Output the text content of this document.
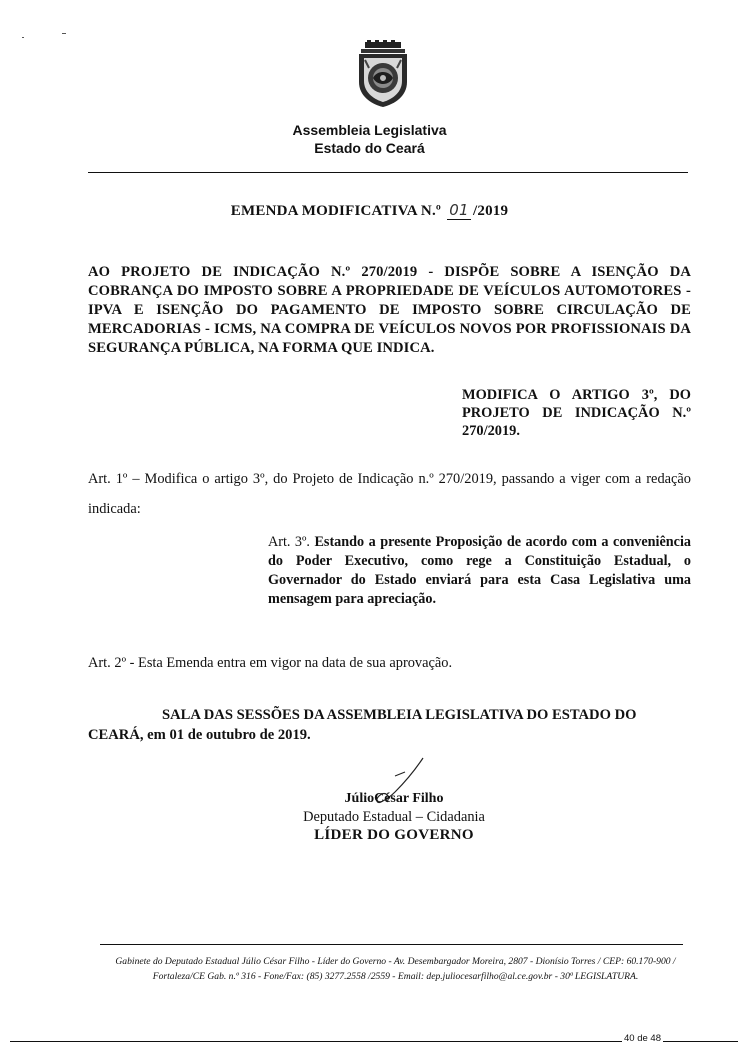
Assembleia Legislativa
Estado do Ceará
EMENDA MODIFICATIVA N.º 01 /2019
AO PROJETO DE INDICAÇÃO N.º 270/2019 - DISPÕE SOBRE A ISENÇÃO DA COBRANÇA DO IMPOSTO SOBRE A PROPRIEDADE DE VEÍCULOS AUTOMOTORES - IPVA E ISENÇÃO DO PAGAMENTO DE IMPOSTO SOBRE CIRCULAÇÃO DE MERCADORIAS - ICMS, NA COMPRA DE VEÍCULOS NOVOS POR PROFISSIONAIS DA SEGURANÇA PÚBLICA, NA FORMA QUE INDICA.
MODIFICA O ARTIGO 3º, DO PROJETO DE INDICAÇÃO N.º 270/2019.
Art. 1º – Modifica o artigo 3º, do Projeto de Indicação n.º 270/2019, passando a viger com a redação indicada:
Art. 3º. Estando a presente Proposição de acordo com a conveniência do Poder Executivo, como rege a Constituição Estadual, o Governador do Estado enviará para esta Casa Legislativa uma mensagem para apreciação.
Art. 2º - Esta Emenda entra em vigor na data de sua aprovação.
SALA DAS SESSÕES DA ASSEMBLEIA LEGISLATIVA DO ESTADO DO CEARÁ, em 01 de outubro de 2019.
JúlioCésar Filho
Deputado Estadual – Cidadania
LÍDER DO GOVERNO
Gabinete do Deputado Estadual Júlio César Filho - Líder do Governo - Av. Desembargador Moreira, 2807 - Dionísio Torres / CEP: 60.170-900 /
Fortaleza/CE Gab. n.º 316 - Fone/Fax: (85) 3277.2558 /2559 - Email: dep.juliocesarfilho@al.ce.gov.br - 30ª LEGISLATURA.
40 de 48
